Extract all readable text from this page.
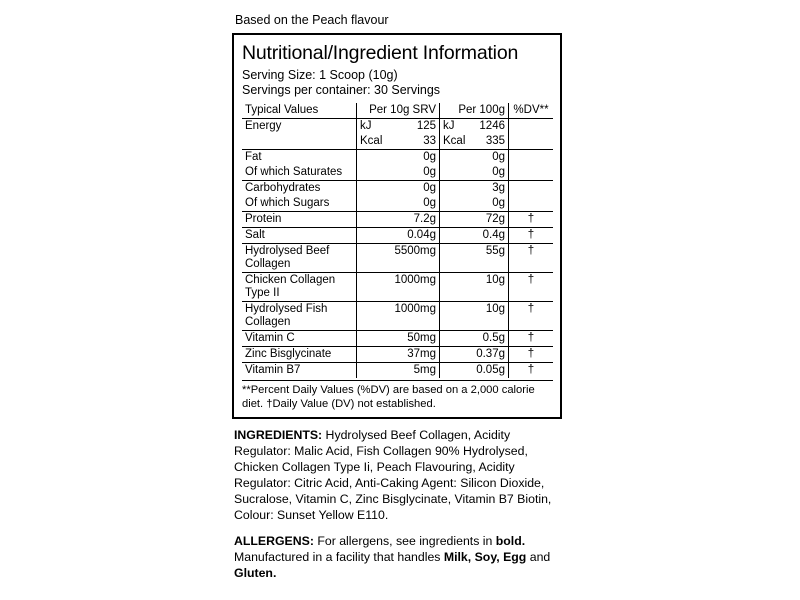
Based on the Peach flavour
Nutritional/Ingredient Information
Serving Size: 1 Scoop (10g)
Servings per container: 30 Servings
Typical Values	Per 10g SRV	Per 100g	%DV**
Energy	kJ 125	kJ 1246	

	Kcal 33	Kcal 335	
Fat	0g	0g	
Of which Saturates	0g	0g	
Carbohydrates	0g	3g	
Of which Sugars	0g	0g	
Protein	7.2g	72g	†
Salt	0.04g	0.4g	†
Hydrolysed Beef Collagen	5500mg	55g	†
Chicken Collagen Type II	1000mg	10g	†
Hydrolysed Fish Collagen	1000mg	10g	†
Vitamin C	50mg	0.5g	†
Zinc Bisglycinate	37mg	0.37g	†
Vitamin B7	5mg	0.05g	†
**Percent Daily Values (%DV) are based on a 2,000 calorie diet. †Daily Value (DV) not established.
INGREDIENTS: Hydrolysed Beef Collagen, Acidity Regulator: Malic Acid, Fish Collagen 90% Hydrolysed, Chicken Collagen Type Ii, Peach Flavouring, Acidity Regulator: Citric Acid, Anti-Caking Agent: Silicon Dioxide, Sucralose, Vitamin C, Zinc Bisglycinate, Vitamin B7 Biotin, Colour: Sunset Yellow E110.
ALLERGENS: For allergens, see ingredients in bold. Manufactured in a facility that handles Milk, Soy, Egg and Gluten.
